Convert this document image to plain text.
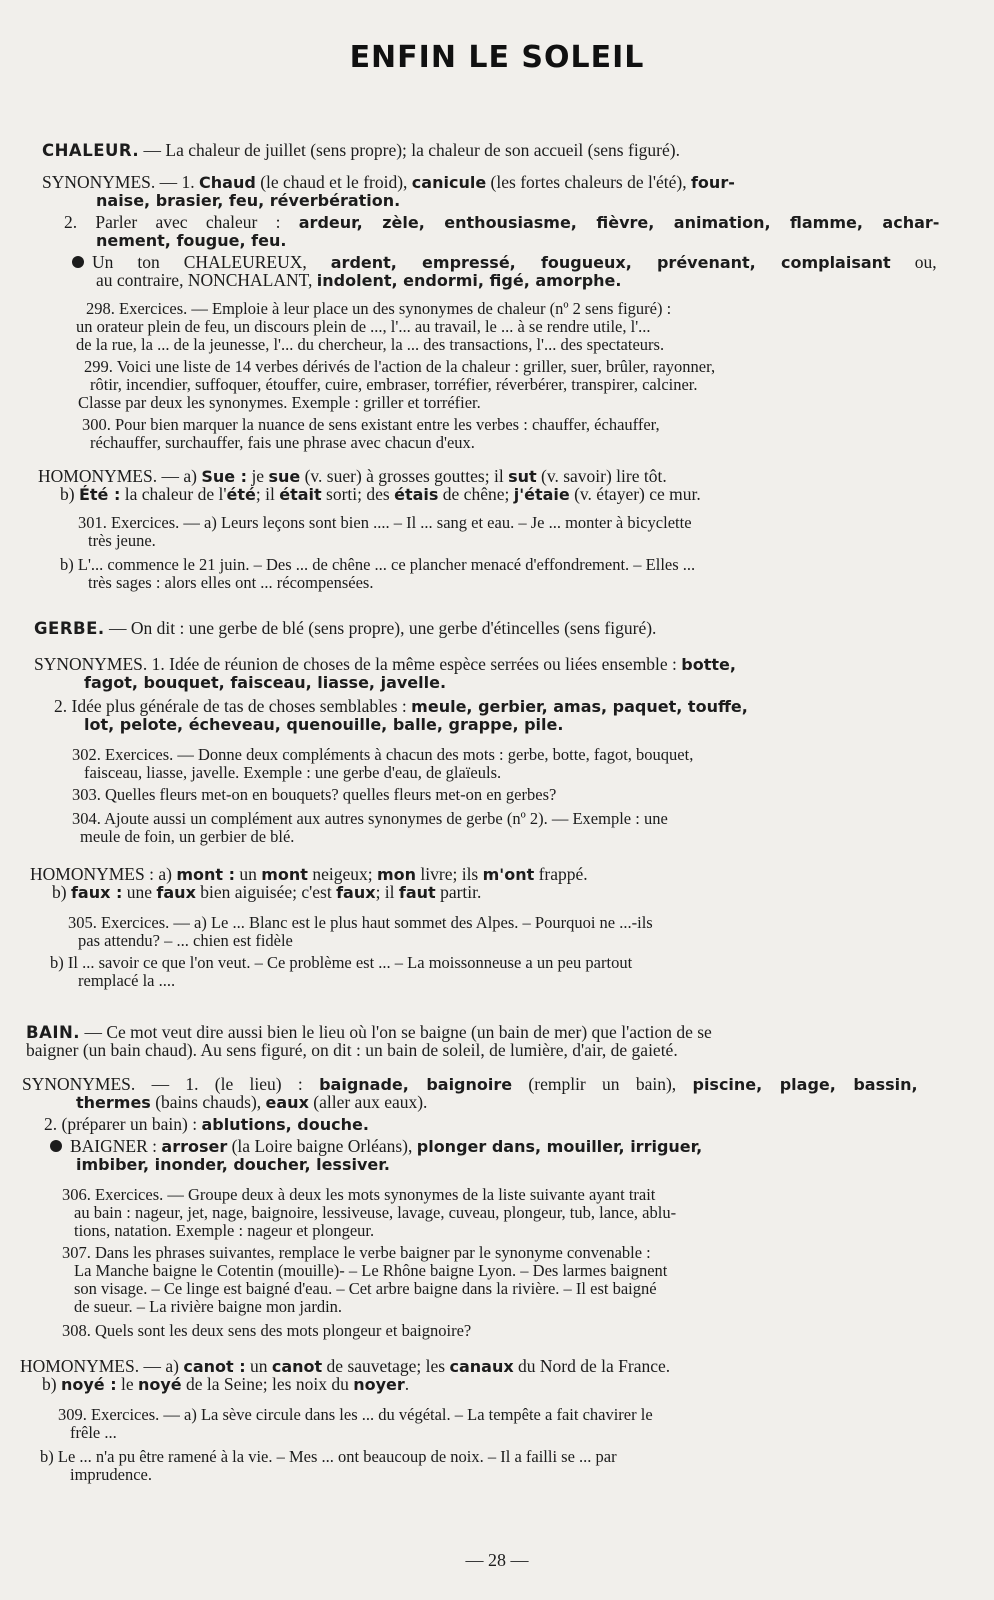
ENFIN LE SOLEIL
CHALEUR. — La chaleur de juillet (sens propre); la chaleur de son accueil (sens figuré).
SYNONYMES. — 1. Chaud (le chaud et le froid), canicule (les fortes chaleurs de l'été), four-
naise, brasier, feu, réverbération.
2. Parler avec chaleur : ardeur, zèle, enthousiasme, fièvre, animation, flamme, achar-
nement, fougue, feu.
Un ton CHALEUREUX, ardent, empressé, fougueux, prévenant, complaisant ou,
au contraire, NONCHALANT, indolent, endormi, figé, amorphe.
298. Exercices. — Emploie à leur place un des synonymes de chaleur (nº 2 sens figuré) :
un orateur plein de feu, un discours plein de ..., l'... au travail, le ... à se rendre utile, l'...
de la rue, la ... de la jeunesse, l'... du chercheur, la ... des transactions, l'... des spectateurs.
299. Voici une liste de 14 verbes dérivés de l'action de la chaleur : griller, suer, brûler, rayonner,
rôtir, incendier, suffoquer, étouffer, cuire, embraser, torréfier, réverbérer, transpirer, calciner.
Classe par deux les synonymes. Exemple : griller et torréfier.
300. Pour bien marquer la nuance de sens existant entre les verbes : chauffer, échauffer,
réchauffer, surchauffer, fais une phrase avec chacun d'eux.
HOMONYMES. — a) Sue : je sue (v. suer) à grosses gouttes; il sut (v. savoir) lire tôt.
b) Été : la chaleur de l'été; il était sorti; des étais de chêne; j'étaie (v. étayer) ce mur.
301. Exercices. — a) Leurs leçons sont bien .... – Il ... sang et eau. – Je ... monter à bicyclette
très jeune.
b) L'... commence le 21 juin. – Des ... de chêne ... ce plancher menacé d'effondrement. – Elles ...
très sages : alors elles ont ... récompensées.
GERBE. — On dit : une gerbe de blé (sens propre), une gerbe d'étincelles (sens figuré).
SYNONYMES. 1. Idée de réunion de choses de la même espèce serrées ou liées ensemble : botte,
fagot, bouquet, faisceau, liasse, javelle.
2. Idée plus générale de tas de choses semblables : meule, gerbier, amas, paquet, touffe,
lot, pelote, écheveau, quenouille, balle, grappe, pile.
302. Exercices. — Donne deux compléments à chacun des mots : gerbe, botte, fagot, bouquet,
faisceau, liasse, javelle. Exemple : une gerbe d'eau, de glaïeuls.
303. Quelles fleurs met-on en bouquets? quelles fleurs met-on en gerbes?
304. Ajoute aussi un complément aux autres synonymes de gerbe (nº 2). — Exemple : une
meule de foin, un gerbier de blé.
HOMONYMES : a) mont : un mont neigeux; mon livre; ils m'ont frappé.
b) faux : une faux bien aiguisée; c'est faux; il faut partir.
305. Exercices. — a) Le ... Blanc est le plus haut sommet des Alpes. – Pourquoi ne ...-ils
pas attendu? – ... chien est fidèle
b) Il ... savoir ce que l'on veut. – Ce problème est ... – La moissonneuse a un peu partout
remplacé la ....
BAIN. — Ce mot veut dire aussi bien le lieu où l'on se baigne (un bain de mer) que l'action de se
baigner (un bain chaud). Au sens figuré, on dit : un bain de soleil, de lumière, d'air, de gaieté.
SYNONYMES. — 1. (le lieu) : baignade, baignoire (remplir un bain), piscine, plage, bassin,
thermes (bains chauds), eaux (aller aux eaux).
2. (préparer un bain) : ablutions, douche.
BAIGNER : arroser (la Loire baigne Orléans), plonger dans, mouiller, irriguer,
imbiber, inonder, doucher, lessiver.
306. Exercices. — Groupe deux à deux les mots synonymes de la liste suivante ayant trait
au bain : nageur, jet, nage, baignoire, lessiveuse, lavage, cuveau, plongeur, tub, lance, ablu-
tions, natation. Exemple : nageur et plongeur.
307. Dans les phrases suivantes, remplace le verbe baigner par le synonyme convenable :
La Manche baigne le Cotentin (mouille)- – Le Rhône baigne Lyon. – Des larmes baignent
son visage. – Ce linge est baigné d'eau. – Cet arbre baigne dans la rivière. – Il est baigné
de sueur. – La rivière baigne mon jardin.
308. Quels sont les deux sens des mots plongeur et baignoire?
HOMONYMES. — a) canot : un canot de sauvetage; les canaux du Nord de la France.
b) noyé : le noyé de la Seine; les noix du noyer.
309. Exercices. — a) La sève circule dans les ... du végétal. – La tempête a fait chavirer le
frêle ...
b) Le ... n'a pu être ramené à la vie. – Mes ... ont beaucoup de noix. – Il a failli se ... par
imprudence.
— 28 —
